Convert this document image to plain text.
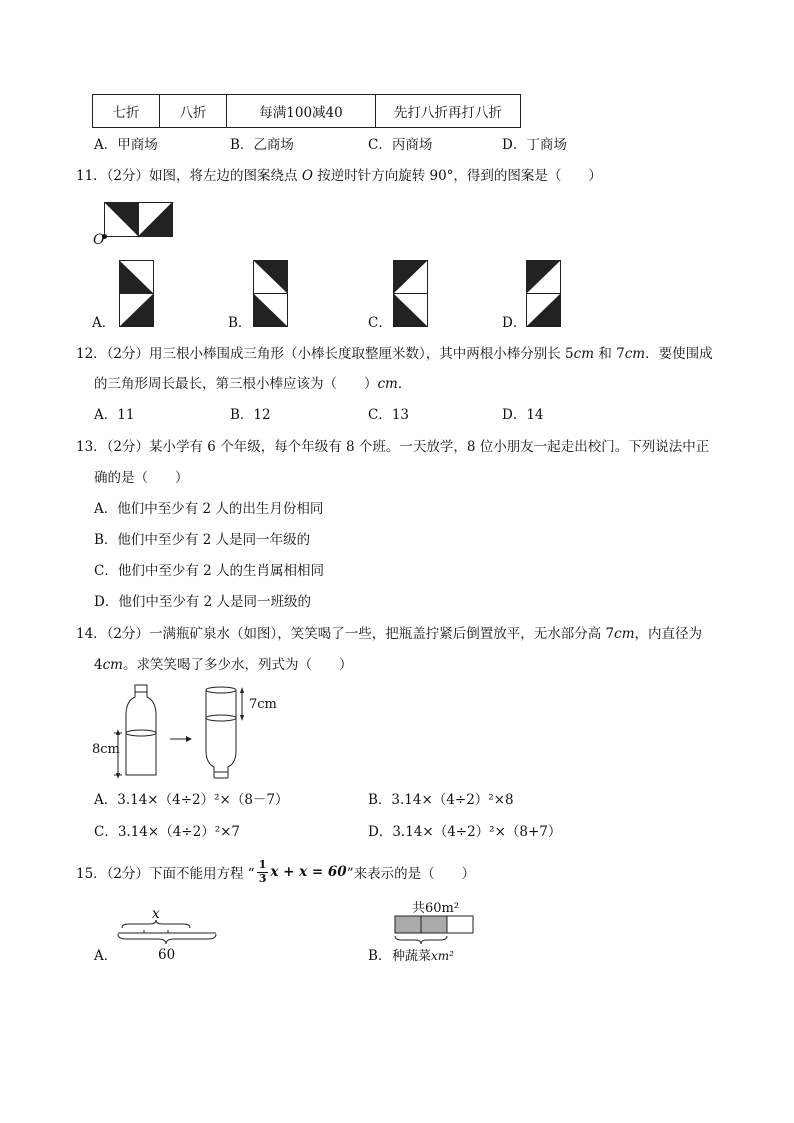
七折	八折	每满100减40	先打八折再打八折
A．甲商场	B．乙商场	C．丙商场	D．丁商场
11．（2分）如图，将左边的图案绕点 O 按逆时针方向旋转 90°，得到的图案是（　　）
O
A．	B．	C．	D．
12．（2分）用三根小棒围成三角形（小棒长度取整厘米数），其中两根小棒分别长 5cm 和 7cm．要使围成
的三角形周长最长，第三根小棒应该为（　　）cm．
A．11	B．12	C．13	D．14
13．（2分）某小学有 6 个年级，每个年级有 8 个班。一天放学，8 位小朋友一起走出校门。下列说法中正
确的是（　　）
A．他们中至少有 2 人的出生月份相同
B．他们中至少有 2 人是同一年级的
C．他们中至少有 2 人的生肖属相相同
D．他们中至少有 2 人是同一班级的
14．（2分）一满瓶矿泉水（如图），笑笑喝了一些，把瓶盖拧紧后倒置放平，无水部分高 7cm，内直径为
4cm。求笑笑喝了多少水，列式为（　　）
7cm
8cm
A．3.14×（4÷2）²×（8－7）	B．3.14×（4÷2）²×8
C．3.14×（4÷2）²×7	D．3.14×（4÷2）²×（8+7）
15．（2分）下面不能用方程 “ $\frac{1}{3}$ x + x = 60 ”来表示的是（　　）
x
60
A．
共60m²
B． 种蔬菜xm²
